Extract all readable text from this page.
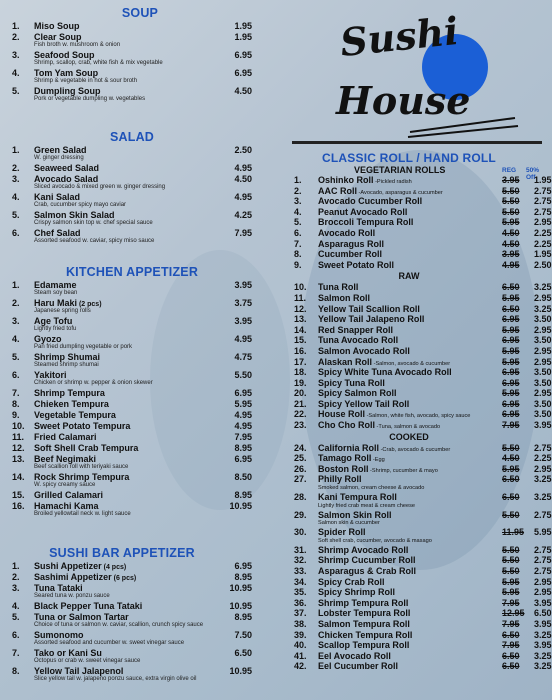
SOUP
1. Miso Soup	1.95
2. Clear Soup	1.95
Fish broth w. mushroom & onion
3. Seafood Soup	6.95
Shrimp, scallop, crab, white fish & mix vegetable
4. Tom Yam Soup	6.95
Shrimp & vegetable in hot & sour broth
5. Dumpling Soup	4.50
Pork or vegetable dumpling w. vegetables
SALAD
1. Green Salad	2.50
W. ginger dressing
2. Seaweed Salad	4.95
3. Avocado Salad	4.50
Sliced avocado & mixed green w. ginger dressing
4. Kani Salad	4.95
Crab, cucumber spicy mayo caviar
5. Salmon Skin Salad	4.25
Crispy salmon skin top w. chef special sauce
6. Chef Salad	7.95
Assorted seafood w. caviar, spicy miso sauce
KITCHEN APPETIZER
1. Edamame	3.95
Steam soy bean
2. Haru Maki (2 pcs)	3.75
Japanese spring rolls
3. Age Tofu	3.95
Lightly fried tofu
4. Gyozo	4.95
Pan fried dumpling vegetable or pork
5. Shrimp Shumai	4.75
Steamed shrimp shumai
6. Yakitori	5.50
Chicken or shrimp w. pepper & onion skewer
7. Shrimp Tempura	6.95
8. Chieken Tempura	5.95
9. Vegetable Tempura	4.95
10. Sweet Potato Tempura	4.95
11. Fried Calamari	7.95
12. Soft Shell Crab Tempura	8.95
13. Beef Negimaki	6.95
Beef scallion roll with teriyaki sauce
14. Rock Shrimp Tempura	8.50
W. spicy creamy sauce
15. Grilled Calamari	8.95
16. Hamachi Kama	10.95
Broiled yellowtail neck w. light sauce
SUSHI BAR APPETIZER
1. Sushi Appetizer (4 pcs)	6.95
2. Sashimi Appetizer (6 pcs)	8.95
3. Tuna Tataki	10.95
Seared tuna w. ponzu sauce
4. Black Pepper Tuna Tataki	10.95
5. Tuna or Salmon Tartar	8.95
Choice of tuna or salmon w. caviar, scallion, crunch spicy sauce
6. Sumonomo	7.50
Assorted seafood and cucumber w. sweet vinegar sauce
7. Tako or Kani Su	6.50
Octopus or crab w. sweet vinegar sauce
8. Yellow Tail Jalapenol	10.95
Slice yellow tail w. jalapeno ponzu sauce, extra virgin olive oil
Sushi
House
CLASSIC ROLL / HAND ROLL
VEGETARIAN ROLLS	REG 50% Off
1. Oshinko Roll -Pickled radish	3.95 1.95
2. AAC Roll -Avocado, asparagus & cucumber	5.50 2.75
3. Avocado Cucumber Roll	5.50 2.75
4. Peanut Avocado Roll	5.50 2.75
5. Broccoli Tempura Roll	5.95 2.95
6. Avocado Roll	4.50 2.25
7. Asparagus Roll	4.50 2.25
8. Cucumber Roll	3.95 1.95
9. Sweet Potato Roll	4.95 2.50
RAW
10. Tuna Roll	6.50 3.25
11. Salmon Roll	5.95 2.95
12. Yellow Tail Scallion Roll	6.50 3.25
13. Yellow Tail Jalapeno Roll	6.95 3.50
14. Red Snapper Roll	5.95 2.95
15. Tuna Avocado Roll	6.95 3.50
16. Salmon Avocado Roll	5.95 2.95
17. Alaskan Roll -Salmon, avocado & cucumber	5.95 2.95
18. Spicy White Tuna Avocado Roll	6.95 3.50
19. Spicy Tuna Roll	6.95 3.50
20. Spicy Salmon Roll	5.95 2.95
21. Spicy Yellow Tail Roll	6.95 3.50
22. House Roll -Salmon, white fish, avocado, spicy sauce	6.95 3.50
23. Cho Cho Roll -Tuna, salmon & avocado	7.95 3.95
COOKED
24. California Roll -Crab, avocado & cucumber	5.50 2.75
25. Tamago Roll -Egg	4.50 2.25
26. Boston Roll -Shrimp, cucumber & mayo	5.95 2.95
27. Philly Roll	6.50 3.25
Smoked salmon, cream cheese & avocado
28. Kani Tempura Roll	6.50 3.25
Lightly fried crab meat & cream cheese
29. Salmon Skin Roll	5.50 2.75
Salmon skin & cucumber
30. Spider Roll	11.95 5.95
Soft shell crab, cucumber, avocado & masago
31. Shrimp Avocado Roll	5.50 2.75
32. Shrimp Cucumber Roll	5.50 2.75
33. Asparagus & Crab Roll	5.50 2.75
34. Spicy Crab Roll	5.95 2.95
35. Spicy Shrimp Roll	5.95 2.95
36. Shrimp Tempura Roll	7.95 3.95
37. Lobster Tempura Roll	12.95 6.50
38. Salmon Tempura Roll	7.95 3.95
39. Chicken Tempura Roll	6.50 3.25
40. Scallop Tempura Roll	7.95 3.95
41. Eel Avocado Roll	6.50 3.25
42. Eel Cucumber Roll	6.50 3.25
